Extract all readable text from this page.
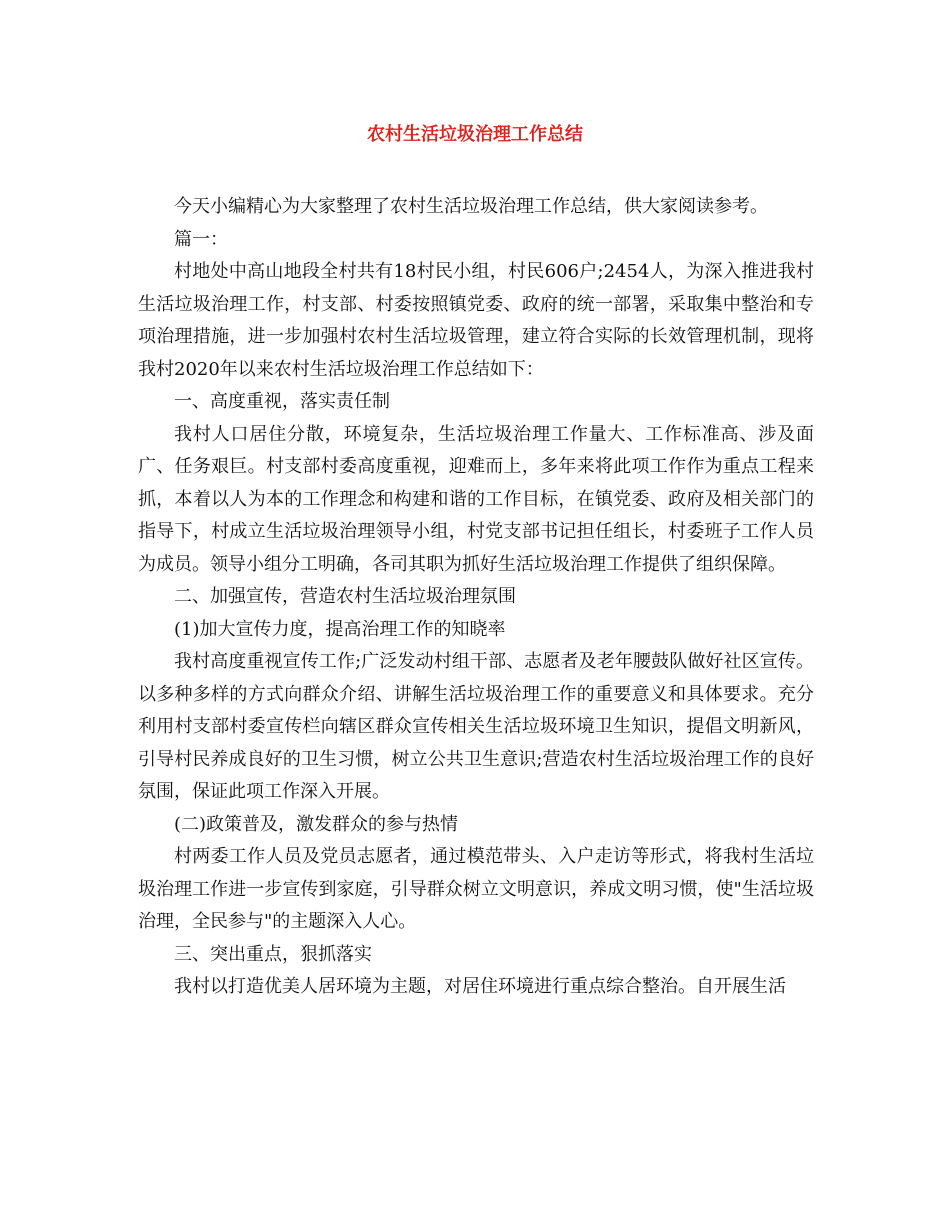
农村生活垃圾治理工作总结

今天小编精心为大家整理了农村生活垃圾治理工作总结，供大家阅读参考。

篇一：

村地处中高山地段全村共有18村民小组，村民606户;2454人，为深入推进我村生活垃圾治理工作，村支部、村委按照镇党委、政府的统一部署，采取集中整治和专项治理措施，进一步加强村农村生活垃圾管理，建立符合实际的长效管理机制，现将我村2020年以来农村生活垃圾治理工作总结如下：

一、高度重视，落实责任制

我村人口居住分散，环境复杂，生活垃圾治理工作量大、工作标准高、涉及面广、任务艰巨。村支部村委高度重视，迎难而上，多年来将此项工作作为重点工程来抓，本着以人为本的工作理念和构建和谐的工作目标，在镇党委、政府及相关部门的指导下，村成立生活垃圾治理领导小组，村党支部书记担任组长，村委班子工作人员为成员。领导小组分工明确，各司其职为抓好生活垃圾治理工作提供了组织保障。

二、加强宣传，营造农村生活垃圾治理氛围

(1)加大宣传力度，提高治理工作的知晓率

我村高度重视宣传工作;广泛发动村组干部、志愿者及老年腰鼓队做好社区宣传。以多种多样的方式向群众介绍、讲解生活垃圾治理工作的重要意义和具体要求。充分利用村支部村委宣传栏向辖区群众宣传相关生活垃圾环境卫生知识，提倡文明新风，引导村民养成良好的卫生习惯，树立公共卫生意识;营造农村生活垃圾治理工作的良好氛围，保证此项工作深入开展。

(二)政策普及，激发群众的参与热情

村两委工作人员及党员志愿者，通过模范带头、入户走访等形式，将我村生活垃圾治理工作进一步宣传到家庭，引导群众树立文明意识，养成文明习惯，使"生活垃圾治理，全民参与"的主题深入人心。

三、突出重点，狠抓落实

我村以打造优美人居环境为主题，对居住环境进行重点综合整治。自开展生活
